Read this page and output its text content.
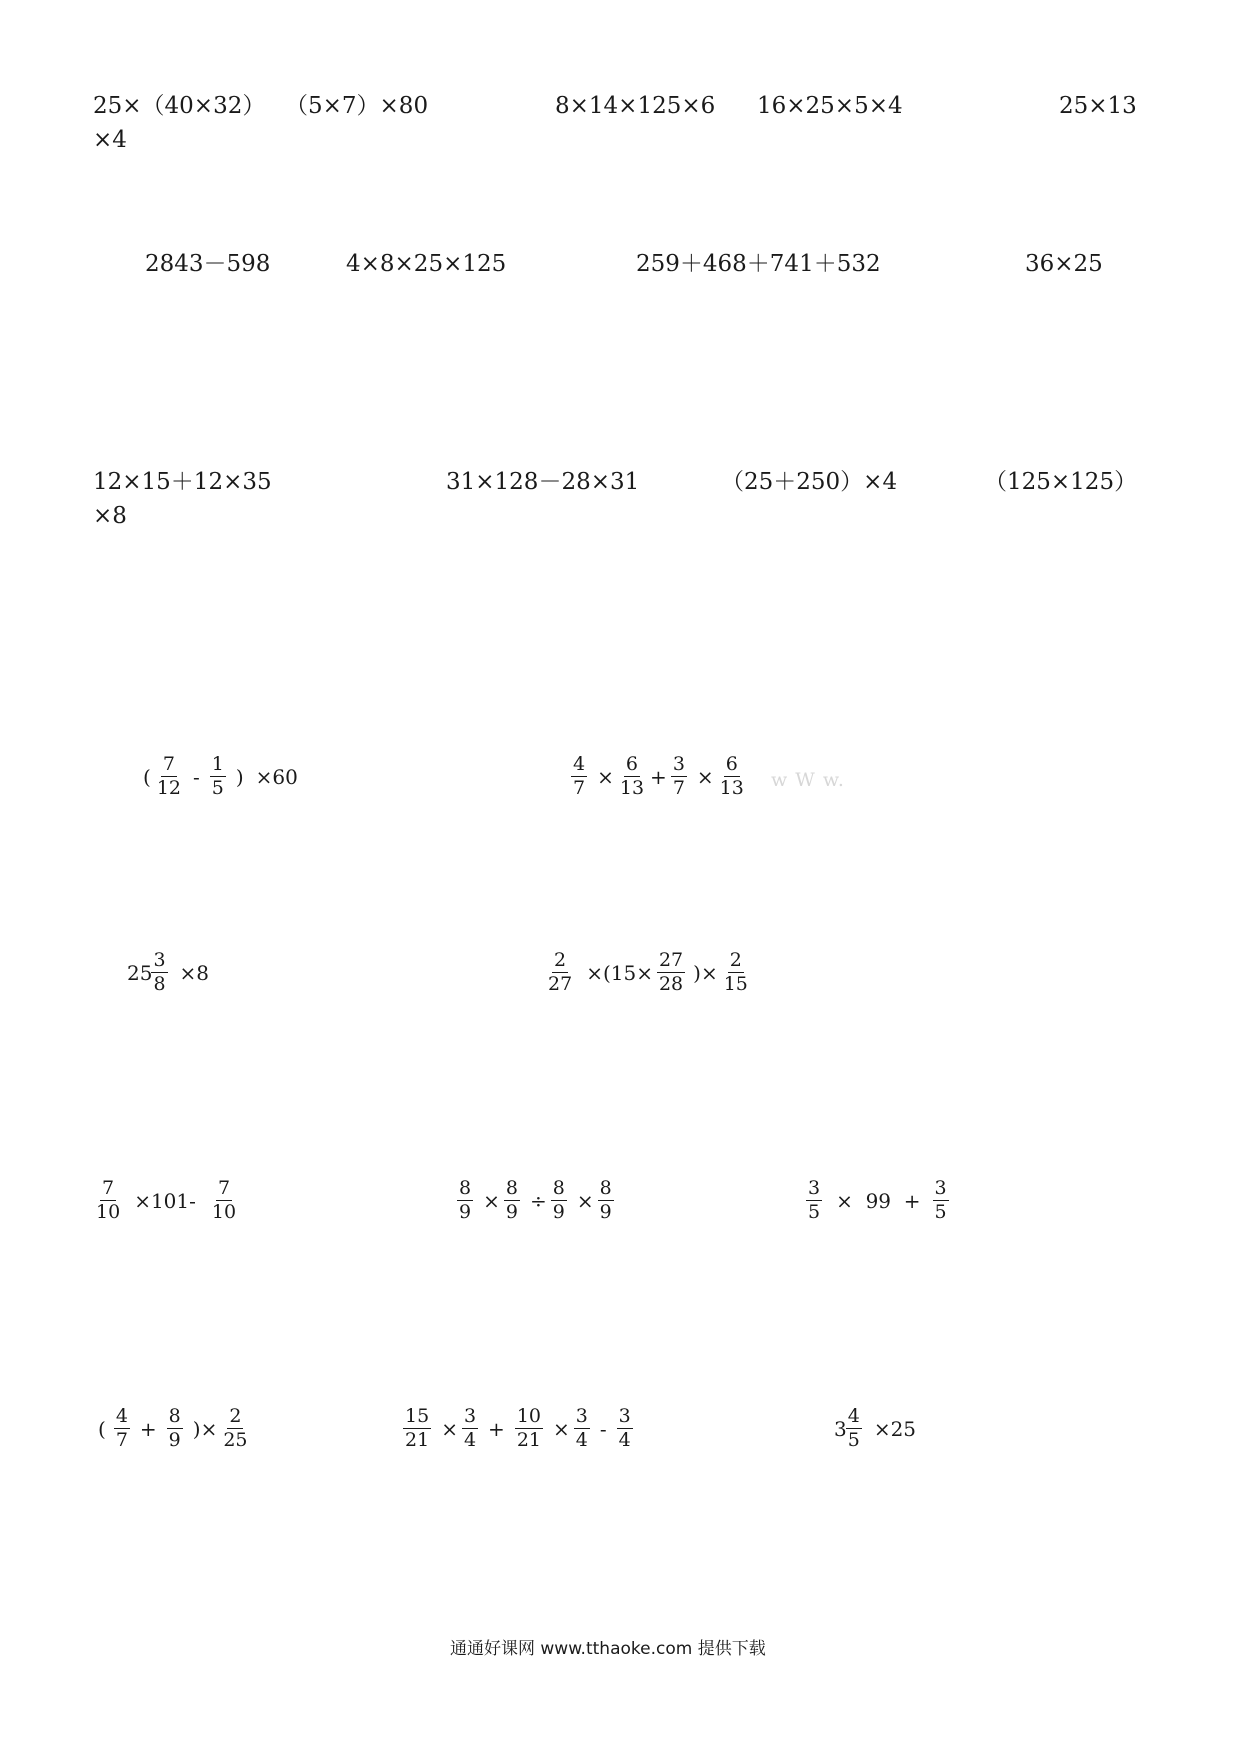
25×（40×32） （5×7）×80	8×14×125×6 16×25×5×4	25×13
×4
2843－598	4×8×25×125	259＋468＋741＋532	36×25
12×15＋12×35	31×128－28×31	（25＋250）×4	（125×125）
×8
( $\frac{7}{12} - \frac{1}{5}$ ) ×60	$\frac{4}{7} \times \frac{6}{13} + \frac{3}{7} \times \frac{6}{13}$ w W w.
$25 \frac{3}{8} \times 8$	$\frac{2}{27} \times(15\times \frac{27}{28}$ )× $\frac{2}{15}$
$\frac{7}{10} \times 101- \frac{7}{10}$	$\frac{8}{9} \times \frac{8}{9} \div \frac{8}{9} \times \frac{8}{9}$	$\frac{3}{5} \times 99 + \frac{3}{5}$
( $\frac{4}{7} + \frac{8}{9}$ )× $\frac{2}{25}$	$\frac{15}{21} \times \frac{3}{4} + \frac{10}{21} \times \frac{3}{4} - \frac{3}{4}$	$3 \frac{4}{5} \times 25$
通通好课网 www.tthaoke.com 提供下载
